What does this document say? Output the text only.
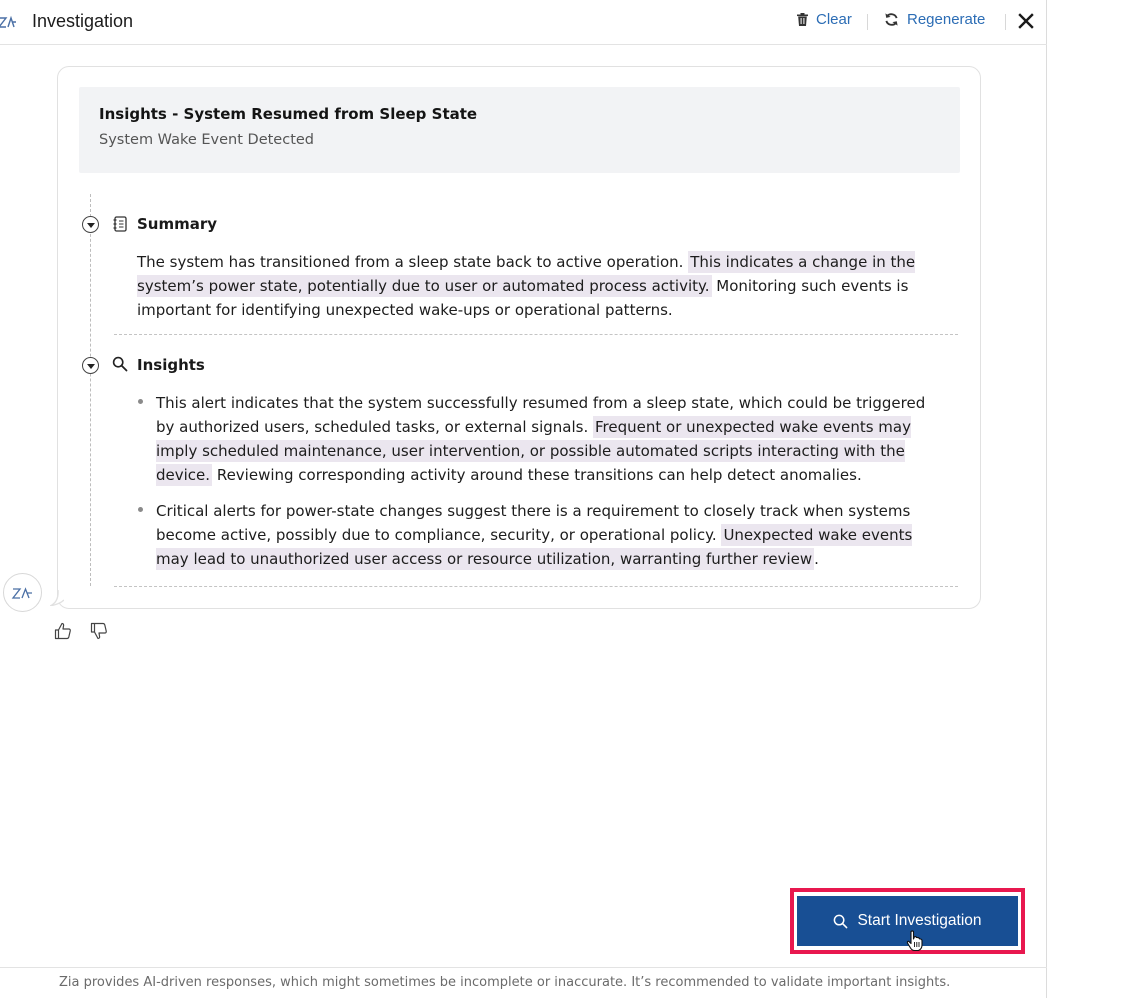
Investigation	Clear	Regenerate
Insights - System Resumed from Sleep State
System Wake Event Detected
Summary

The system has transitioned from a sleep state back to active operation. This indicates a change in the system’s power state, potentially due to user or automated process activity. Monitoring such events is important for identifying unexpected wake-ups or operational patterns.

Insights
This alert indicates that the system successfully resumed from a sleep state, which could be triggered by authorized users, scheduled tasks, or external signals. Frequent or unexpected wake events may imply scheduled maintenance, user intervention, or possible automated scripts interacting with the device. Reviewing corresponding activity around these transitions can help detect anomalies.
Critical alerts for power-state changes suggest there is a requirement to closely track when systems become active, possibly due to compliance, security, or operational policy. Unexpected wake events may lead to unauthorized user access or resource utilization, warranting further review .
Start Investigation
Zia provides AI-driven responses, which might sometimes be incomplete or inaccurate. It’s recommended to validate important insights.
